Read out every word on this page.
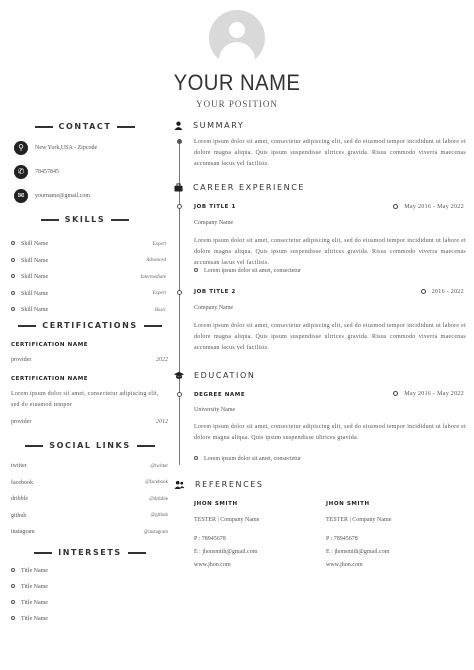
YOUR NAME
YOUR POSITION
CONTACT
⚲	New York,USA - Zipcode
✆	78457845
✉	yourname@gmail.com
SKILLS
Skill Name	Expert
Skill Name	Advanced
Skill Name	Intermediate
Skill Name	Expert
Skill Name	Basic
CERTIFICATIONS
CERTIFICATION NAME
provider	2022
CERTIFICATION NAME
Lorem ipsum dolor sit amet, consectetur adipiscing elit, sed do eiusmod tempor
provider	2012
SOCIAL LINKS
twitter	@twitter
facebook	@facebook
dribble	@dribble
github	@github
instagram	@instagram
INTERSETS
Title Name
Title Name
Title Name
Title Name
SUMMARY
Lorem ipsum dolor sit amet, consectetur adipiscing elit, sed do eiusmod tempor incididunt ut labore et dolore magna aliqua. Quis ipsum suspendisse ultrices gravida. Risus commodo viverra maecenas accumsan lacus vel facilisis.
CAREER EXPERIENCE
JOB TITLE 1	May 2016 - May 2022
Company Name
Lorem ipsum dolor sit amet, consectetur adipiscing elit, sed do eiusmod tempor incididunt ut labore et dolore magna aliqua. Quis ipsum suspendisse ultrices gravida. Risus commodo viverra maecenas accumsan lacus vel facilisis.
Lorem ipsum dolor sit amet, consectetur
JOB TITLE 2	2016 - 2022
Company Name
Lorem ipsum dolor sit amet, consectetur adipiscing elit, sed do eiusmod tempor incididunt ut labore et dolore magna aliqua. Quis ipsum suspendisse ultrices gravida. Risus commodo viverra maecenas accumsan lacus vel facilisis.
EDUCATION
DEGREE NAME	May 2016 - May 2022
University Name
Lorem ipsum dolor sit amet, consectetur adipiscing elit, sed do eiusmod tempor incididunt ut labore et dolore magna aliqua. Quis ipsum suspendisse ultrices gravida.
Lorem ipsum dolor sit amet, consectetur
REFERENCES
JHON SMITH
TESTER | Company Name
P : 78945678
E : jhonsmith@gmail.com
www.jhon.com
JHON SMITH
TESTER | Company Name
P : 78945678
E : jhonsmith@gmail.com
www.jhon.com
